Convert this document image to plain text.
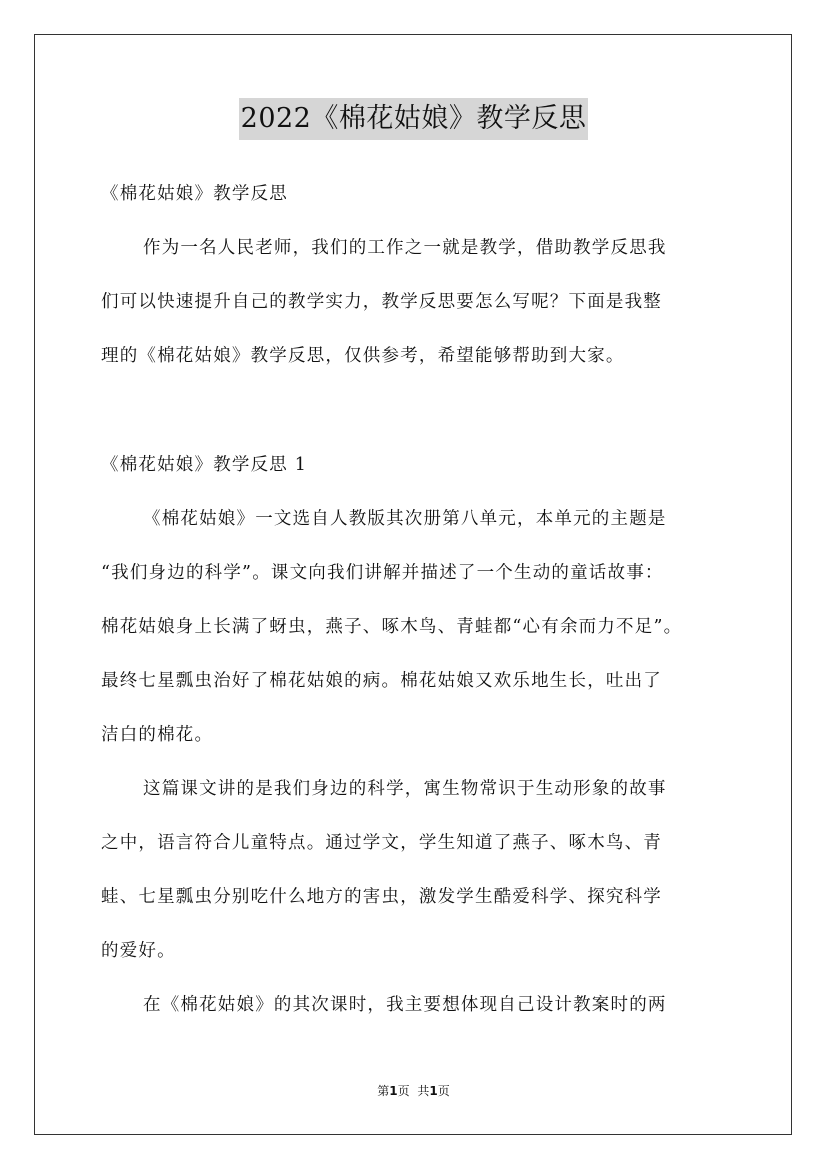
2022《棉花姑娘》教学反思
《棉花姑娘》教学反思
作为一名人民老师，我们的工作之一就是教学，借助教学反思我
们可以快速提升自己的教学实力，教学反思要怎么写呢？下面是我整
理的《棉花姑娘》教学反思，仅供参考，希望能够帮助到大家。
《棉花姑娘》教学反思 1
《棉花姑娘》一文选自人教版其次册第八单元，本单元的主题是
“我们身边的科学”。课文向我们讲解并描述了一个生动的童话故事：
棉花姑娘身上长满了蚜虫，燕子、啄木鸟、青蛙都“心有余而力不足”。
最终七星瓢虫治好了棉花姑娘的病。棉花姑娘又欢乐地生长，吐出了
洁白的棉花。
这篇课文讲的是我们身边的科学，寓生物常识于生动形象的故事
之中，语言符合儿童特点。通过学文，学生知道了燕子、啄木鸟、青
蛙、七星瓢虫分别吃什么地方的害虫，激发学生酷爱科学、探究科学
的爱好。
在《棉花姑娘》的其次课时，我主要想体现自己设计教案时的两
第1页 共1页
